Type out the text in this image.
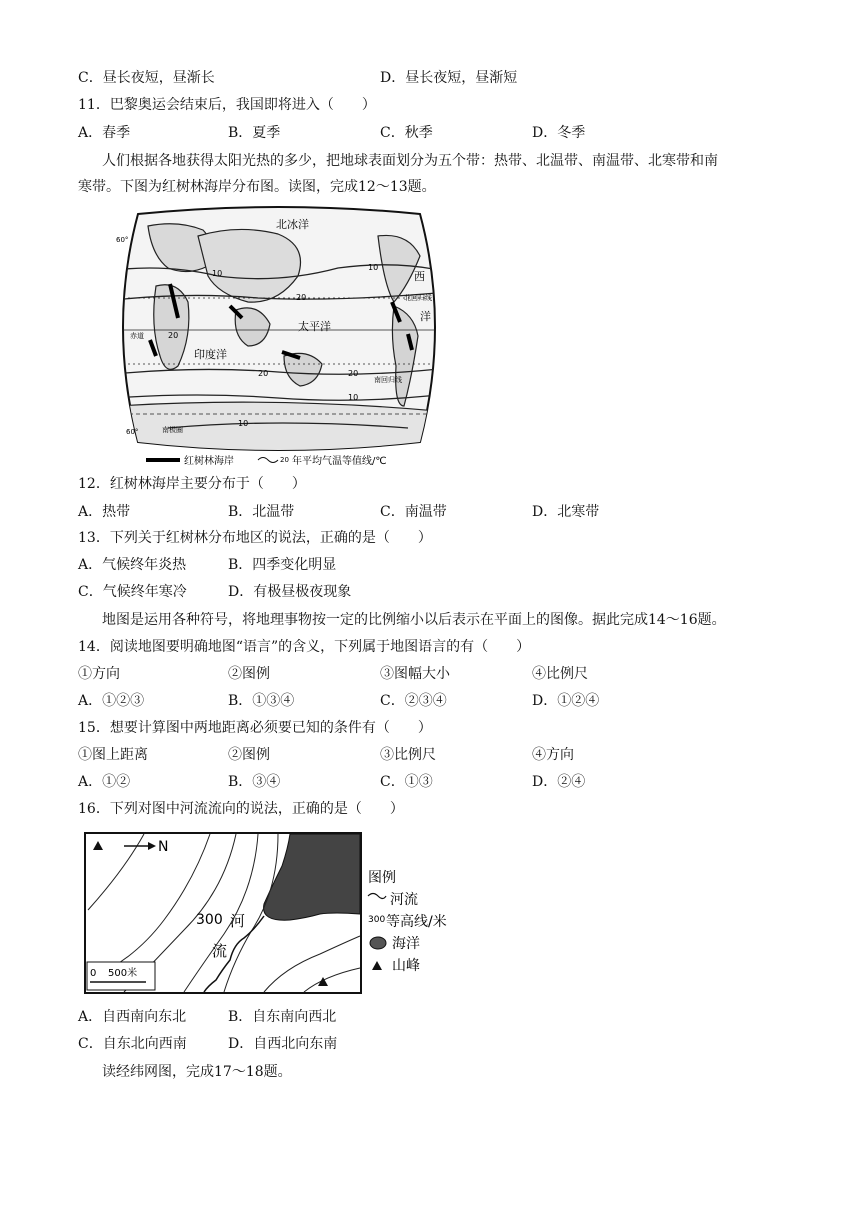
C．昼长夜短，昼渐长	D．昼长夜短，昼渐短
11．巴黎奥运会结束后，我国即将进入（　　）
A．春季	B．夏季	C．秋季	D．冬季
人们根据各地获得太阳光热的多少，把地球表面划分为五个带：热带、北温带、南温带、北寒带和南
寒带。下图为红树林海岸分布图。读图，完成12～13题。
北冰洋
太平洋
印度洋
西
洋
北回归线
南回归线
赤道
南极圈
60°
60°
10
20
20
20
10
10
20
10
红树林海岸	20 年平均气温等值线/℃
12．红树林海岸主要分布于（　　）
A．热带	B．北温带	C．南温带	D．北寒带
13．下列关于红树林分布地区的说法，正确的是（　　）
A．气候终年炎热	B．四季变化明显
C．气候终年寒冷	D．有极昼极夜现象
地图是运用各种符号，将地理事物按一定的比例缩小以后表示在平面上的图像。据此完成14～16题。
14．阅读地图要明确地图“语言”的含义，下列属于地图语言的有（　　）
①方向	②图例	③图幅大小	④比例尺
A．①②③	B．①③④	C．②③④	D．①②④
15．想要计算图中两地距离必须要已知的条件有（　　）
①图上距离	②图例	③比例尺	④方向
A．①②	B．③④	C．①③	D．②④
16．下列对图中河流流向的说法，正确的是（　　）
N
300 河
流
0 500米
图例
河流
300 等高线/米
海洋
山峰
A．自西南向东北	B．自东南向西北
C．自东北向西南	D．自西北向东南
读经纬网图，完成17～18题。
